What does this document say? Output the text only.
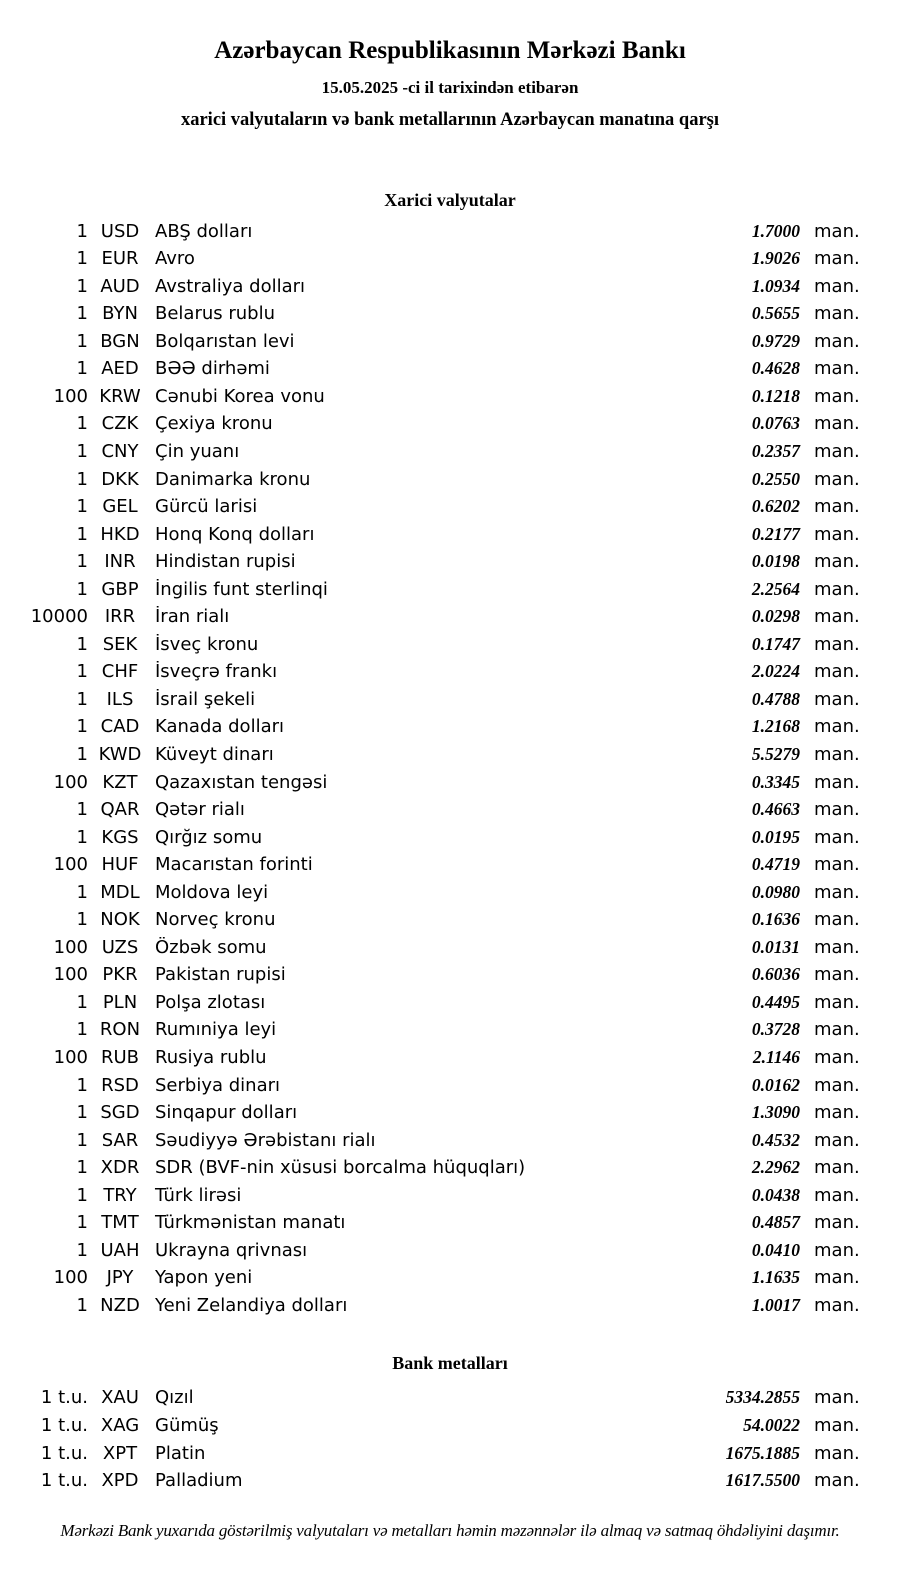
Azərbaycan Respublikasının Mərkəzi Bankı
15.05.2025 -ci il tarixindən etibarən
xarici valyutaların və bank metallarının Azərbaycan manatına qarşı
Xarici valyutalar
1 USD ABŞ dolları	1.7000 man.
1 EUR Avro	1.9026 man.
1 AUD Avstraliya dolları	1.0934 man.
1 BYN Belarus rublu	0.5655 man.
1 BGN Bolqarıstan levi	0.9729 man.
1 AED BƏƏ dirhəmi	0.4628 man.
100 KRW Cənubi Korea vonu	0.1218 man.
1 CZK Çexiya kronu	0.0763 man.
1 CNY Çin yuanı	0.2357 man.
1 DKK Danimarka kronu	0.2550 man.
1 GEL Gürcü larisi	0.6202 man.
1 HKD Honq Konq dolları	0.2177 man.
1 INR	Hindistan rupisi	0.0198 man.
1 GBP İngilis funt sterlinqi	2.2564 man.
10000 IRR	İran rialı	0.0298 man.
1 SEK İsveç kronu	0.1747 man.
1 CHF İsveçrə frankı	2.0224 man.
1	ILS	İsrail şekeli	0.4788 man.
1 CAD Kanada dolları	1.2168 man.
1 KWD Küveyt dinarı	5.5279 man.
100 KZT Qazaxıstan tengəsi	0.3345 man.
1 QAR Qətər rialı	0.4663 man.
1 KGS Qırğız somu	0.0195 man.
100 HUF Macarıstan forinti	0.4719 man.
1 MDL Moldova leyi	0.0980 man.
1 NOK Norveç kronu	0.1636 man.
100 UZS Özbək somu	0.0131 man.
100 PKR Pakistan rupisi	0.6036 man.
1 PLN Polşa zlotası	0.4495 man.
1 RON Rumıniya leyi	0.3728 man.
100 RUB Rusiya rublu	2.1146 man.
1 RSD Serbiya dinarı	0.0162 man.
1 SGD Sinqapur dolları	1.3090 man.
1 SAR Səudiyyə Ərəbistanı rialı	0.4532 man.
1 XDR SDR (BVF-nin xüsusi borcalma hüquqları)	2.2962 man.
1 TRY	Türk lirəsi	0.0438 man.
1 TMT Türkmənistan manatı	0.4857 man.
1 UAH Ukrayna qrivnası	0.0410 man.
100	JPY	Yapon yeni	1.1635 man.
1 NZD Yeni Zelandiya dolları	1.0017 man.
Bank metalları
1 t.u. XAU Qızıl	5334.2855 man.
1 t.u. XAG Gümüş	54.0022 man.
1 t.u. XPT Platin	1675.1885 man.
1 t.u. XPD Palladium	1617.5500 man.
Mərkəzi Bank yuxarıda göstərilmiş valyutaları və metalları həmin məzənnələr ilə almaq və satmaq öhdəliyini daşımır.
